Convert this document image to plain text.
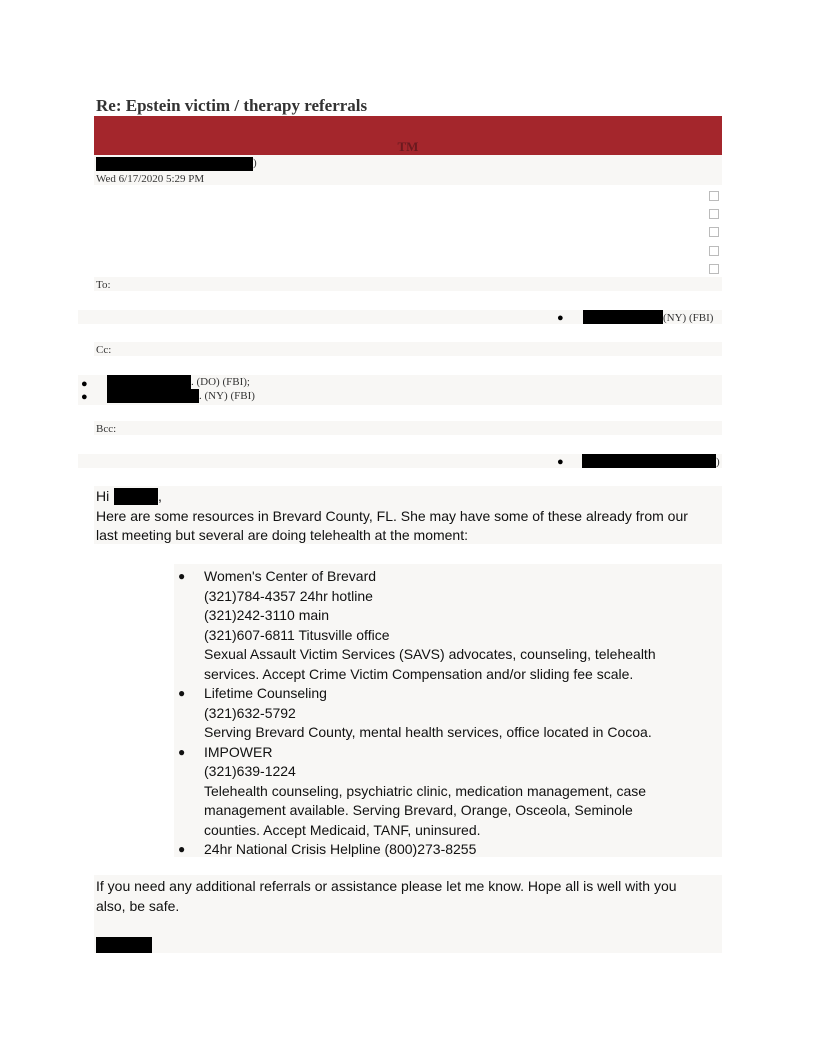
Re: Epstein victim / therapy referrals
TM
)
Wed 6/17/2020 5:29 PM
To:
●	(NY) (FBI)
Cc:
●	. (DO) (FBI);
●	. (NY) (FBI)
Bcc:
●	)
Hi	,
Here are some resources in Brevard County, FL. She may have some of these already from our
last meeting but several are doing telehealth at the moment:
● Women's Center of Brevard
(321)784-4357 24hr hotline
(321)242-3110 main
(321)607-6811 Titusville office
Sexual Assault Victim Services (SAVS) advocates, counseling, telehealth
services. Accept Crime Victim Compensation and/or sliding fee scale.
● Lifetime Counseling
(321)632-5792
Serving Brevard County, mental health services, office located in Cocoa.
● IMPOWER
(321)639-1224
Telehealth counseling, psychiatric clinic, medication management, case
management available. Serving Brevard, Orange, Osceola, Seminole
counties. Accept Medicaid, TANF, uninsured.
● 24hr National Crisis Helpline (800)273-8255
If you need any additional referrals or assistance please let me know. Hope all is well with you
also, be safe.
